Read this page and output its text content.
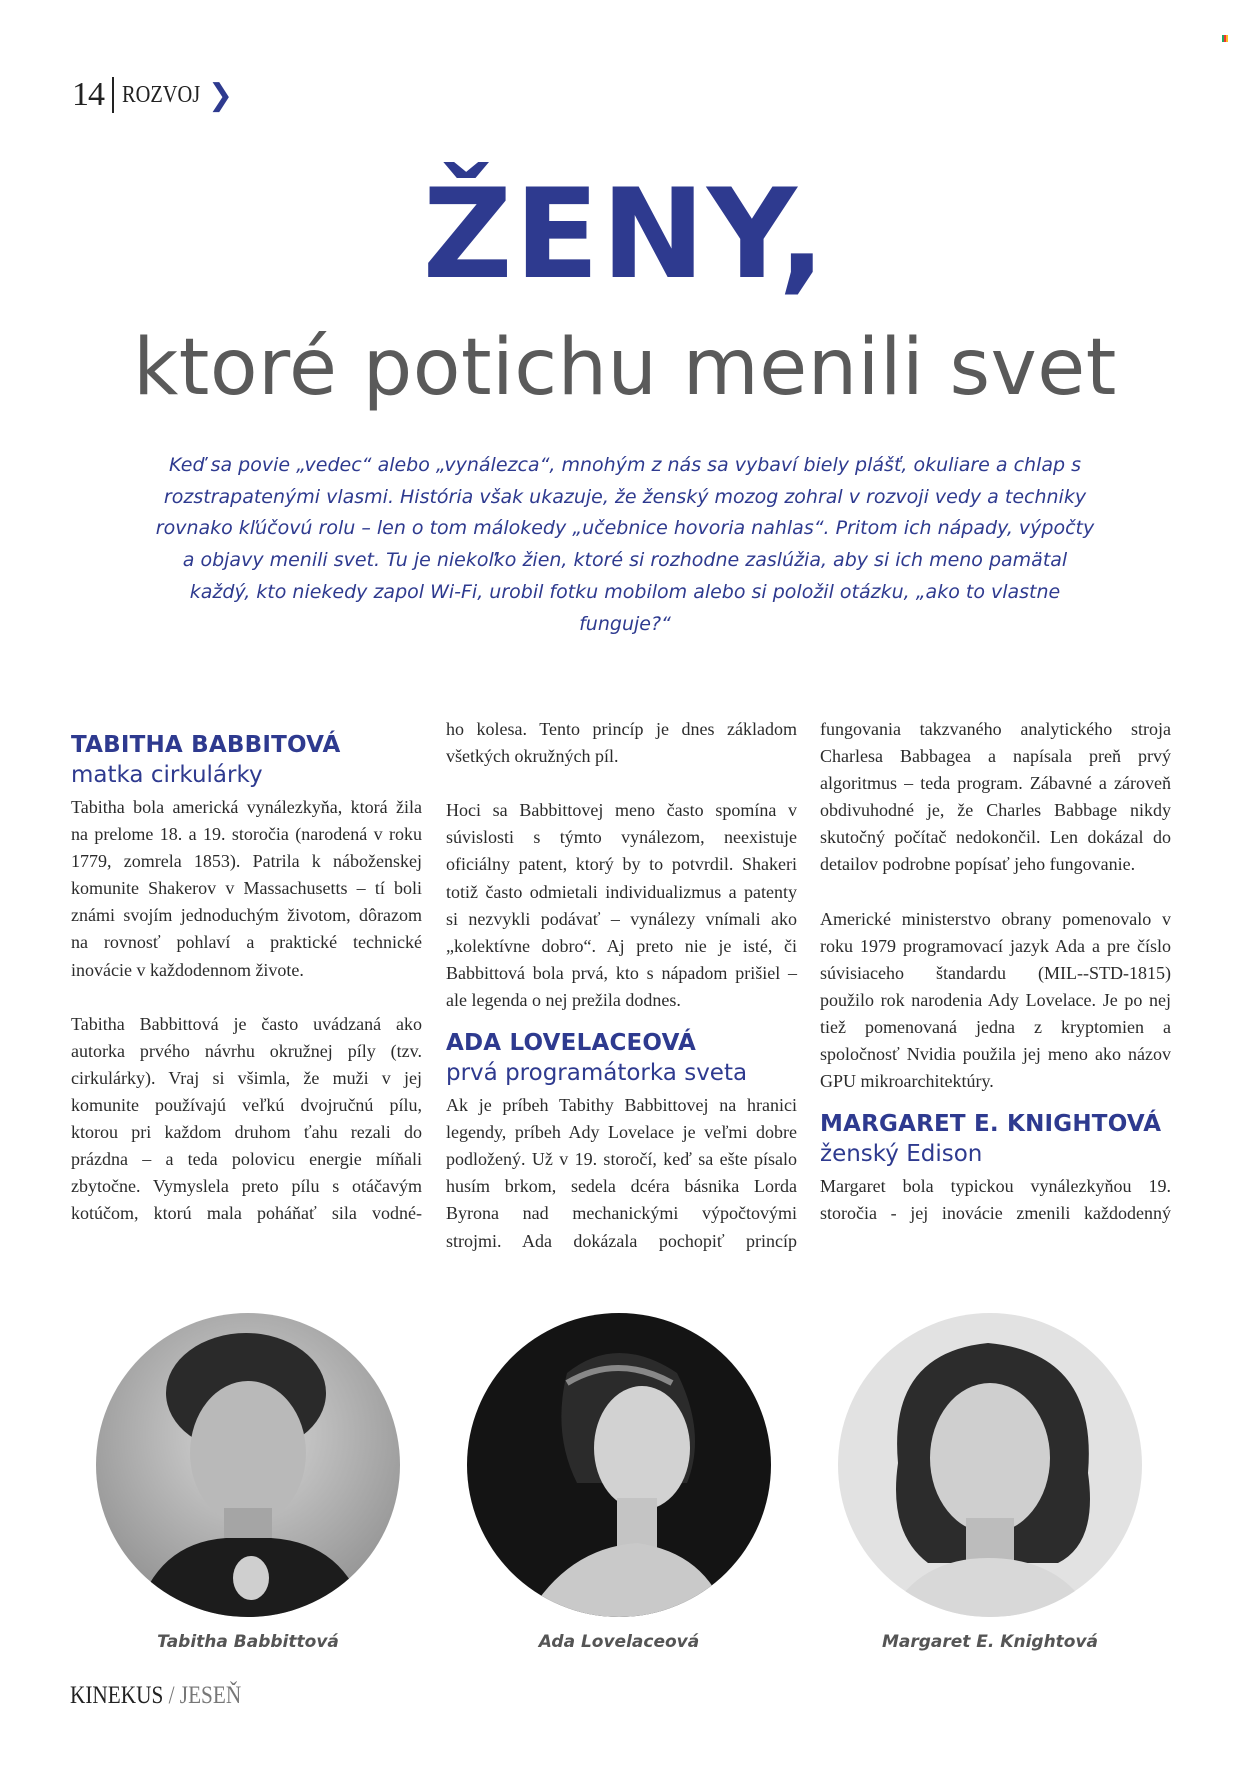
14 ROZVOJ ❯
ŽENY,
ktoré potichu menili svet
Keď sa povie „vedec“ alebo „vynálezca“, mnohým z nás sa vybaví biely plášť, okuliare a chlap s rozstrapatenými vlasmi. História však ukazuje, že ženský mozog zohral v rozvoji vedy a techniky rovnako kľúčovú rolu – len o tom málokedy „učebnice hovoria nahlas“. Pritom ich nápady, výpočty a objavy menili svet. Tu je niekoľko žien, ktoré si rozhodne zaslúžia, aby si ich meno pamätal každý, kto niekedy zapol Wi-Fi, urobil fotku mobilom alebo si položil otázku, „ako to vlastne funguje?“
TABITHA BABBITOVÁ
matka cirkulárky

Tabitha bola americká vynálezkyňa, ktorá žila na prelome 18. a 19. storočia (narodená v roku 1779, zomrela 1853). Patrila k náboženskej komunite Shakerov v Massachusetts – tí boli známi svojím jednoduchým životom, dôrazom na rovnosť pohlaví a praktické technické inovácie v každodennom živote.

Tabitha Babbittová je často uvádzaná ako autorka prvého návrhu okružnej píly (tzv. cirkulárky). Vraj si všimla, že muži v jej komunite používajú veľkú dvojručnú pílu, ktorou pri každom druhom ťahu rezali do prázdna – a teda polovicu energie míňali zbytočne. Vymyslela preto pílu s otáčavým kotúčom, ktorú mala poháňať sila vodné-

ho kolesa. Tento princíp je dnes základom všetkých okružných píl.

Hoci sa Babbittovej meno často spomína v súvislosti s týmto vynálezom, neexistuje oficiálny patent, ktorý by to potvrdil. Shakeri totiž často odmietali individualizmus a patenty si nezvykli podávať – vynálezy vnímali ako „kolektívne dobro“. Aj preto nie je isté, či Babbittová bola prvá, kto s nápadom prišiel – ale legenda o nej prežila dodnes.

ADA LOVELACEOVÁ
prvá programátorka sveta

Ak je príbeh Tabithy Babbittovej na hranici legendy, príbeh Ady Lovelace je veľmi dobre podložený. Už v 19. storočí, keď sa ešte písalo husím brkom, sedela dcéra básnika Lorda Byrona nad mechanickými výpočtovými strojmi. Ada dokázala pochopiť princíp

fungovania takzvaného analytického stroja Charlesa Babbagea a napísala preň prvý algoritmus – teda program. Zábavné a zároveň obdivuhodné je, že Charles Babbage nikdy skutočný počítač nedokončil. Len dokázal do detailov podrobne popísať jeho fungovanie.

Americké ministerstvo obrany pomenovalo v roku 1979 programovací jazyk Ada a pre číslo súvisiaceho štandardu (MIL--STD-1815) použilo rok narodenia Ady Lovelace. Je po nej tiež pomenovaná jedna z kryptomien a spoločnosť Nvidia použila jej meno ako názov GPU mikroarchitektúry.

MARGARET E. KNIGHTOVÁ
ženský Edison

Margaret bola typickou vynálezkyňou 19. storočia - jej inovácie zmenili každodenný

Tabitha Babbittová	Ada Lovelaceová	Margaret E. Knightová
KINEKUS / JESEŇ
